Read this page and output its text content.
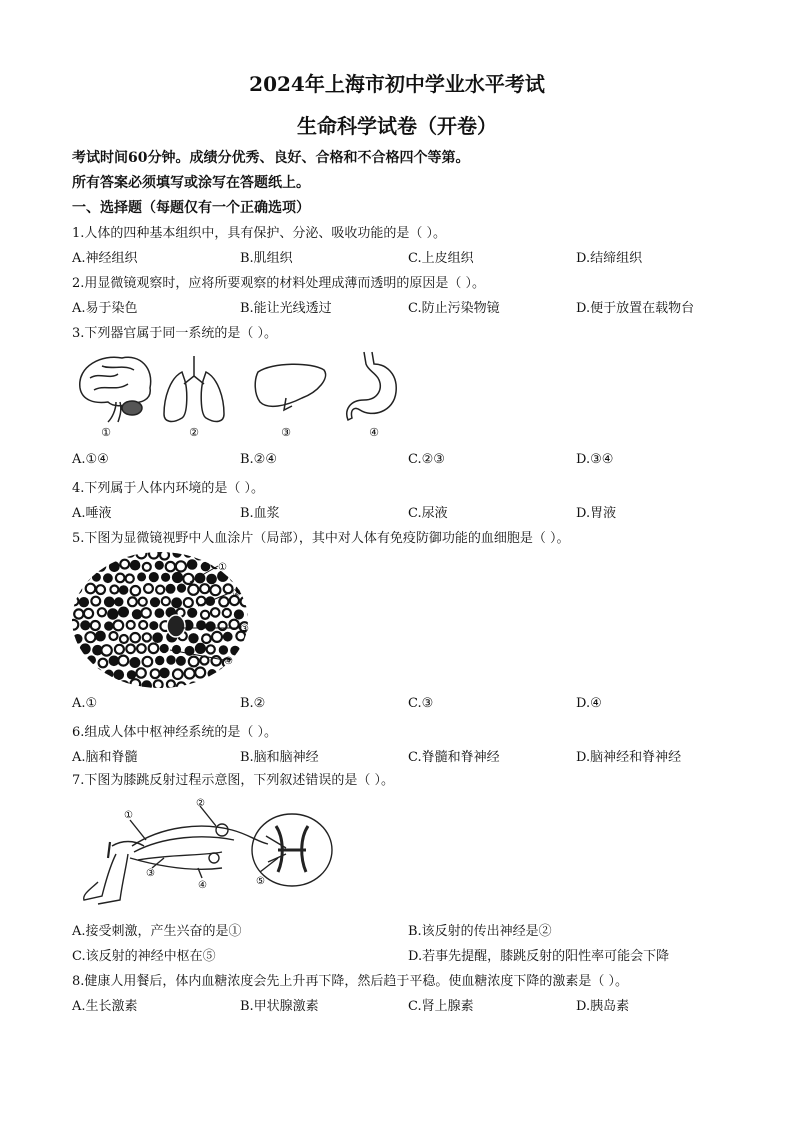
2024年上海市初中学业水平考试
生命科学试卷（开卷）
考试时间60分钟。成绩分优秀、良好、合格和不合格四个等第。
所有答案必须填写或涂写在答题纸上。
一、选择题（每题仅有一个正确选项）
1.人体的四种基本组织中，具有保护、分泌、吸收功能的是（ ）。
A.神经组织	B.肌组织	C.上皮组织	D.结缔组织
2.用显微镜观察时，应将所要观察的材料处理成薄而透明的原因是（ ）。
A.易于染色	B.能让光线透过	C.防止污染物镜	D.便于放置在载物台
3.下列器官属于同一系统的是（ ）。
①	②	③	④
A.①④	B.②④	C.②③	D.③④
4.下列属于人体内环境的是（ ）。
A.唾液	B.血浆	C.尿液	D.胃液
5.下图为显微镜视野中人血涂片（局部），其中对人体有免疫防御功能的血细胞是（ ）。
①
②
③
④
A.①	B.②	C.③	D.④
6.组成人体中枢神经系统的是（ ）。
A.脑和脊髓	B.脑和脑神经	C.脊髓和脊神经	D.脑神经和脊神经
7.下图为膝跳反射过程示意图，下列叙述错误的是（ ）。
①
②
③
④	⑤
A.接受刺激，产生兴奋的是①	B.该反射的传出神经是②
C.该反射的神经中枢在⑤	D.若事先提醒，膝跳反射的阳性率可能会下降
8.健康人用餐后，体内血糖浓度会先上升再下降，然后趋于平稳。使血糖浓度下降的激素是（ ）。
A.生长激素	B.甲状腺激素	C.肾上腺素	D.胰岛素
